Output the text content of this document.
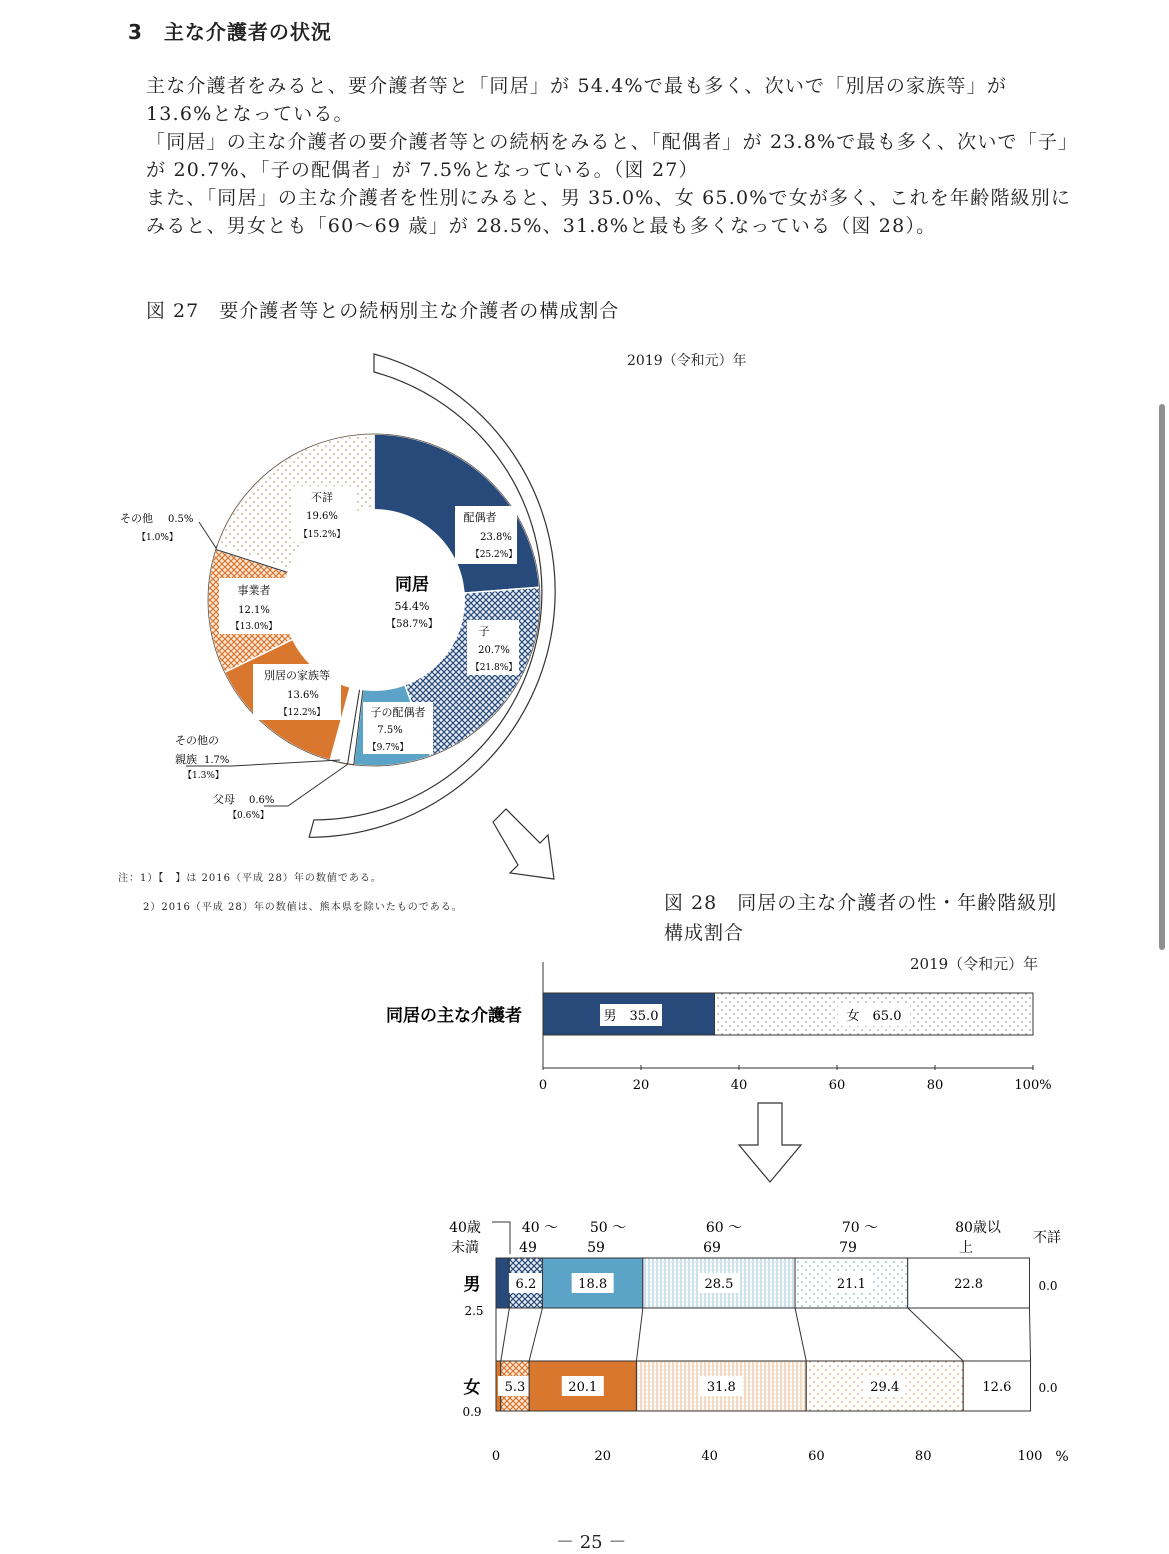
3　主な介護者の状況

主な介護者をみると、要介護者等と「同居」が 54.4%で最も多く、次いで「別居の家族等」が 13.6%となっている。

「同居」の主な介護者の要介護者等との続柄をみると、「配偶者」が 23.8%で最も多く、次いで「子」が 20.7%、「子の配偶者」が 7.5%となっている。（図 27）

また、「同居」の主な介護者を性別にみると、男 35.0%、女 65.0%で女が多く、これを年齢階級別にみると、男女とも「60～69 歳」が 28.5%、31.8%と最も多くなっている（図 28）。

図 27　要介護者等との続柄別主な介護者の構成割合
2019（令和元）年
注：1）【　】は 2016（平成 28）年の数値である。
2）2016（平成 28）年の数値は、熊本県を除いたものである。	図 28　同居の主な介護者の性・年齢階級別構成割合
2019（令和元）年
同居
54.4%
【58.7%】
配偶者
23.8%
【25.2%】
子
20.7%
【21.8%】
子の配偶者
7.5%
【9.7%】
別居の家族等
13.6%
【12.2%】
事業者
12.1%
【13.0%】
不詳
19.6%
【15.2%】
その他 0.5%
【1.0%】
その他の
親族 1.7%
【1.3%】
父母 0.6%
【0.6%】
0	20	40	60	80	100%
同居の主な介護者	男　35.0	女　65.0
40歳
未満
40 ～
49
50 ～
59
60 ～
69
70 ～
79
80歳以
上
不詳
男
2.5
女
0.9
6.2	18.8	28.5	21.1	22.8
5.3	20.1	31.8	29.4	12.6
0.0
0.0
0	20	40	60	80	100 %
－ 25 －
